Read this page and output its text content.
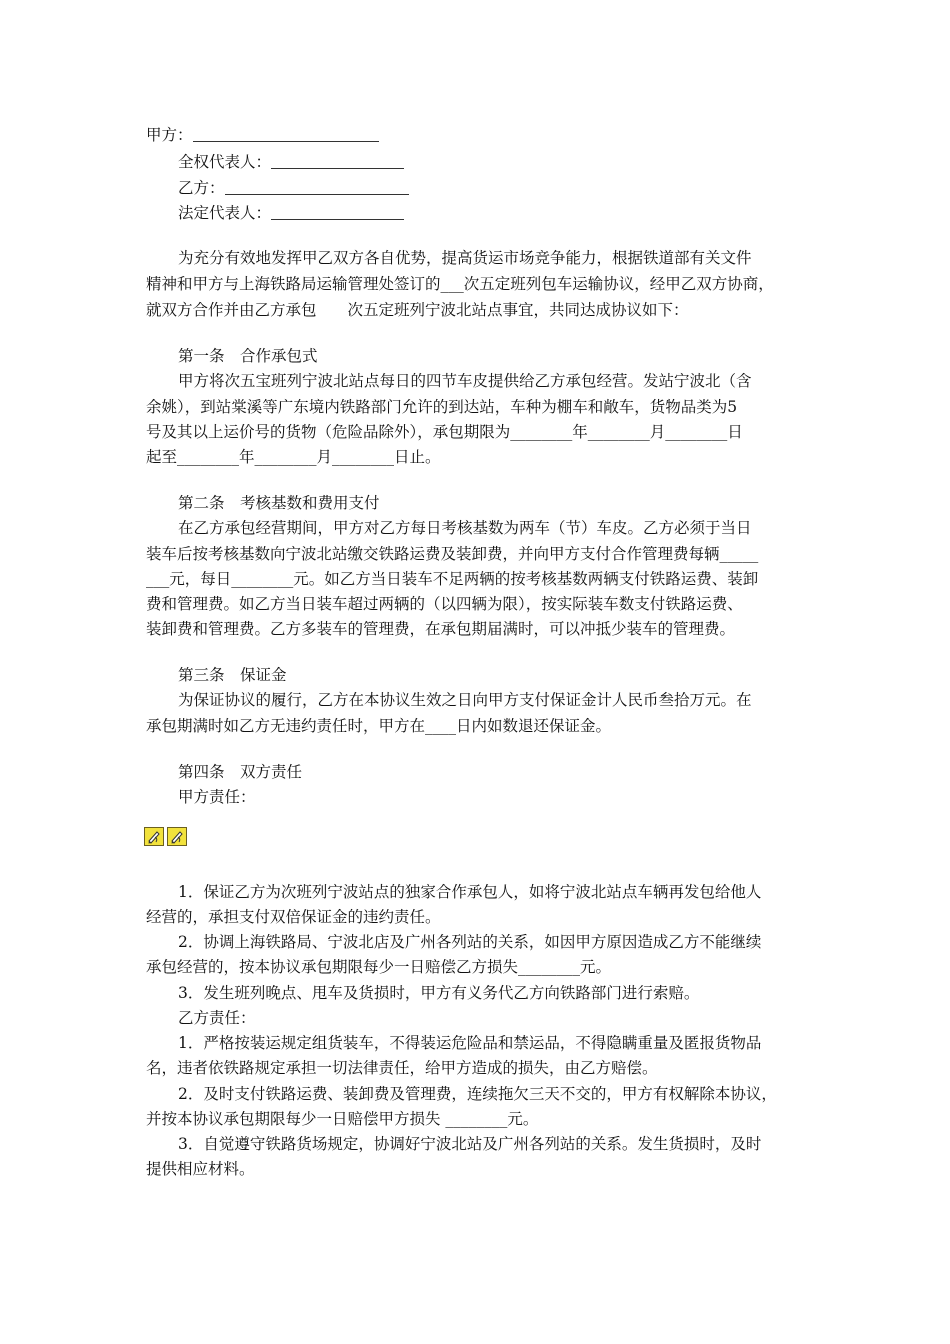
甲方：
全权代表人：
乙方：
法定代表人：
为充分有效地发挥甲乙双方各自优势，提高货运市场竞争能力，根据铁道部有关文件
精神和甲方与上海铁路局运输管理处签订的___次五定班列包车运输协议，经甲乙双方协商，
就双方合作并由乙方承包　　次五定班列宁波北站点事宜，共同达成协议如下：
第一条　合作承包式
甲方将次五宝班列宁波北站点每日的四节车皮提供给乙方承包经营。发站宁波北（含
余姚），到站棠溪等广东境内铁路部门允许的到达站，车种为棚车和敞车，货物品类为5
号及其以上运价号的货物（危险品除外），承包期限为________年________月________日
起至________年________月________日止。
第二条　考核基数和费用支付
在乙方承包经营期间，甲方对乙方每日考核基数为两车（节）车皮。乙方必须于当日
装车后按考核基数向宁波北站缴交铁路运费及装卸费，并向甲方支付合作管理费每辆_____
___元，每日________元。如乙方当日装车不足两辆的按考核基数两辆支付铁路运费、装卸
费和管理费。如乙方当日装车超过两辆的（以四辆为限），按实际装车数支付铁路运费、
装卸费和管理费。乙方多装车的管理费，在承包期届满时，可以冲抵少装车的管理费。
第三条　保证金
为保证协议的履行，乙方在本协议生效之日向甲方支付保证金计人民币叁拾万元。在
承包期满时如乙方无违约责任时，甲方在____日内如数退还保证金。
第四条　双方责任
甲方责任：
1．保证乙方为次班列宁波站点的独家合作承包人，如将宁波北站点车辆再发包给他人
经营的，承担支付双倍保证金的违约责任。
2．协调上海铁路局、宁波北店及广州各列站的关系，如因甲方原因造成乙方不能继续
承包经营的，按本协议承包期限每少一日赔偿乙方损失________元。
3．发生班列晚点、甩车及货损时，甲方有义务代乙方向铁路部门进行索赔。
乙方责任：
1．严格按装运规定组货装车，不得装运危险品和禁运品，不得隐瞒重量及匿报货物品
名，违者依铁路规定承担一切法律责任，给甲方造成的损失，由乙方赔偿。
2．及时支付铁路运费、装卸费及管理费，连续拖欠三天不交的，甲方有权解除本协议，
并按本协议承包期限每少一日赔偿甲方损失 ________元。
3．自觉遵守铁路货场规定，协调好宁波北站及广州各列站的关系。发生货损时，及时
提供相应材料。
